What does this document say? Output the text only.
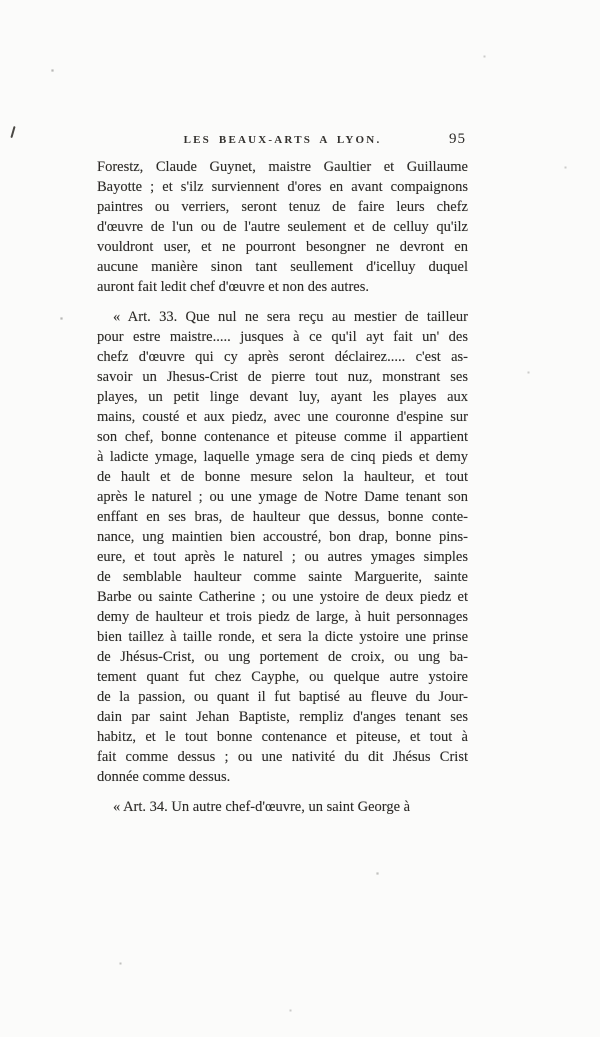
LES BEAUX-ARTS A LYON.	95
Forestz, Claude Guynet, maistre Gaultier et Guillaume
Bayotte ; et s'ilz surviennent d'ores en avant compaignons
paintres ou verriers, seront tenuz de faire leurs chefz
d'œuvre de l'un ou de l'autre seulement et de celluy qu'ilz
vouldront user, et ne pourront besongner ne devront en
aucune manière sinon tant seullement d'icelluy duquel
auront fait ledit chef d'œuvre et non des autres.
« Art. 33. Que nul ne sera reçu au mestier de tailleur
pour estre maistre..... jusques à ce qu'il ayt fait un' des
chefz d'œuvre qui cy après seront déclairez..... c'est as-
savoir un Jhesus-Crist de pierre tout nuz, monstrant ses
playes, un petit linge devant luy, ayant les playes aux
mains, cousté et aux piedz, avec une couronne d'espine sur
son chef, bonne contenance et piteuse comme il appartient
à ladicte ymage, laquelle ymage sera de cinq pieds et demy
de hault et de bonne mesure selon la haulteur, et tout
après le naturel ; ou une ymage de Notre Dame tenant son
enffant en ses bras, de haulteur que dessus, bonne conte-
nance, ung maintien bien accoustré, bon drap, bonne pins-
eure, et tout après le naturel ; ou autres ymages simples
de semblable haulteur comme sainte Marguerite, sainte
Barbe ou sainte Catherine ; ou une ystoire de deux piedz et
demy de haulteur et trois piedz de large, à huit personnages
bien taillez à taille ronde, et sera la dicte ystoire une prinse
de Jhésus-Crist, ou ung portement de croix, ou ung ba-
tement quant fut chez Cayphe, ou quelque autre ystoire
de la passion, ou quant il fut baptisé au fleuve du Jour-
dain par saint Jehan Baptiste, rempliz d'anges tenant ses
habitz, et le tout bonne contenance et piteuse, et tout à
fait comme dessus ; ou une nativité du dit Jhésus Crist
donnée comme dessus.
« Art. 34. Un autre chef-d'œuvre, un saint George à
